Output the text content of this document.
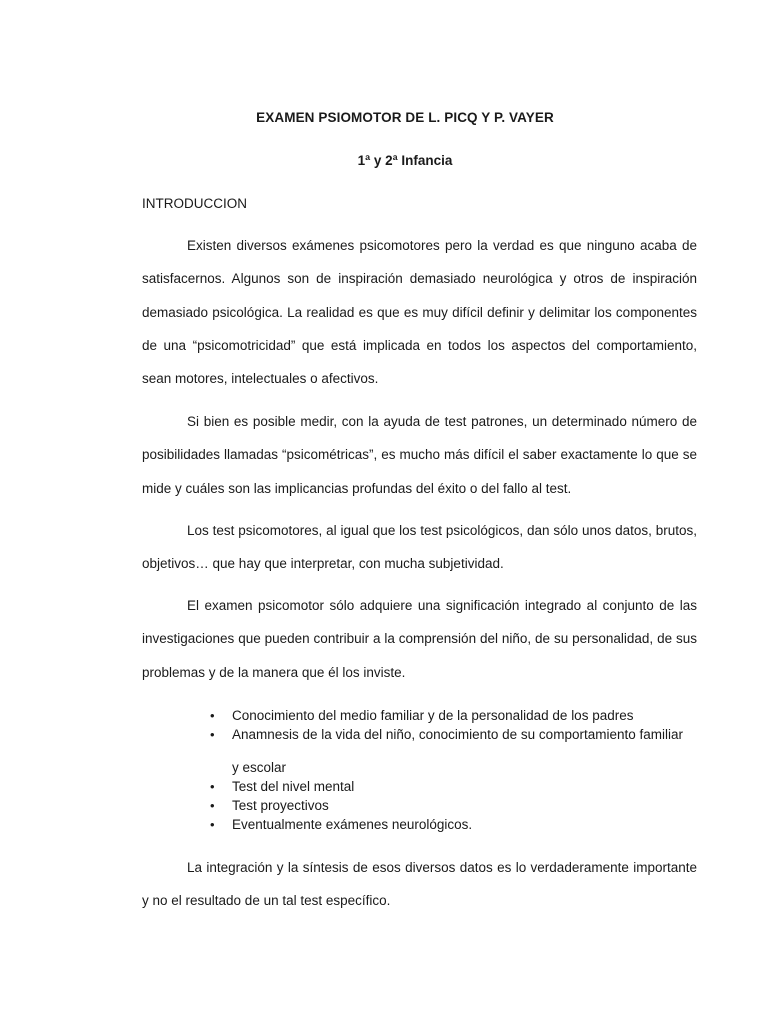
EXAMEN PSIOMOTOR DE L. PICQ Y P. VAYER
1ª y 2ª Infancia
INTRODUCCION

Existen diversos exámenes psicomotores pero la verdad es que ninguno acaba de satisfacernos. Algunos son de inspiración demasiado neurológica y otros de inspiración demasiado psicológica. La realidad es que es muy difícil definir y delimitar los componentes de una “psicomotricidad” que está implicada en todos los aspectos del comportamiento, sean motores, intelectuales o afectivos.

Si bien es posible medir, con la ayuda de test patrones, un determinado número de posibilidades llamadas “psicométricas”, es mucho más difícil el saber exactamente lo que se mide y cuáles son las implicancias profundas del éxito o del fallo al test.

Los test psicomotores, al igual que los test psicológicos, dan sólo unos datos, brutos, objetivos… que hay que interpretar, con mucha subjetividad.

El examen psicomotor sólo adquiere una significación integrado al conjunto de las investigaciones que pueden contribuir a la comprensión del niño, de su personalidad, de sus problemas y de la manera que él los inviste.

• Conocimiento del medio familiar y de la personalidad de los padres
• Anamnesis de la vida del niño, conocimiento de su comportamiento familiar
y escolar
• Test del nivel mental
• Test proyectivos
• Eventualmente exámenes neurológicos.

La integración y la síntesis de esos diversos datos es lo verdaderamente importante y no el resultado de un tal test específico.
